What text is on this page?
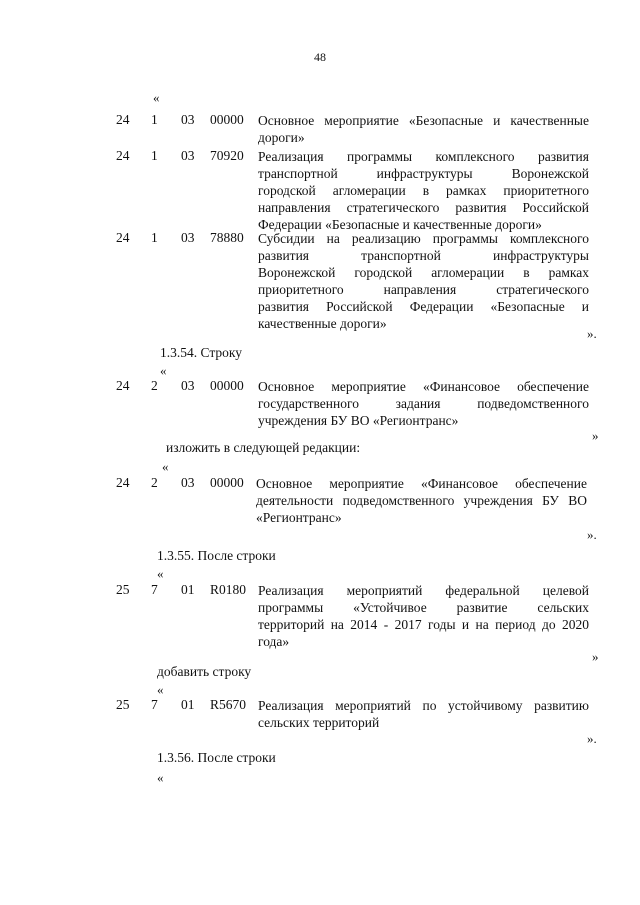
48
«
24 1 03 00000 Основное мероприятие «Безопасные и качественные
дороги»
24 1 03 70920 Реализация программы комплексного развития
транспортной инфраструктуры Воронежской
городской агломерации в рамках приоритетного
направления стратегического развития Российской
Федерации «Безопасные и качественные дороги»
24 1 03 78880 Субсидии на реализацию программы комплексного
развития транспортной инфраструктуры
Воронежской городской агломерации в рамках
приоритетного направления стратегического
развития Российской Федерации «Безопасные и
качественные дороги»
».
1.3.54. Строку
«
24 2 03 00000 Основное мероприятие «Финансовое обеспечение
государственного задания подведомственного
учреждения БУ ВО «Регионтранс»
»
изложить в следующей редакции:
«
24 2 03 00000 Основное мероприятие «Финансовое обеспечение
деятельности подведомственного учреждения БУ ВО
«Регионтранс»
».
1.3.55. После строки
«
25 7 01 R0180 Реализация мероприятий федеральной целевой
программы «Устойчивое развитие сельских
территорий на 2014 - 2017 годы и на период до 2020
года»
»
добавить строку
«
25 7 01 R5670 Реализация мероприятий по устойчивому развитию
сельских территорий
».
1.3.56. После строки
«
